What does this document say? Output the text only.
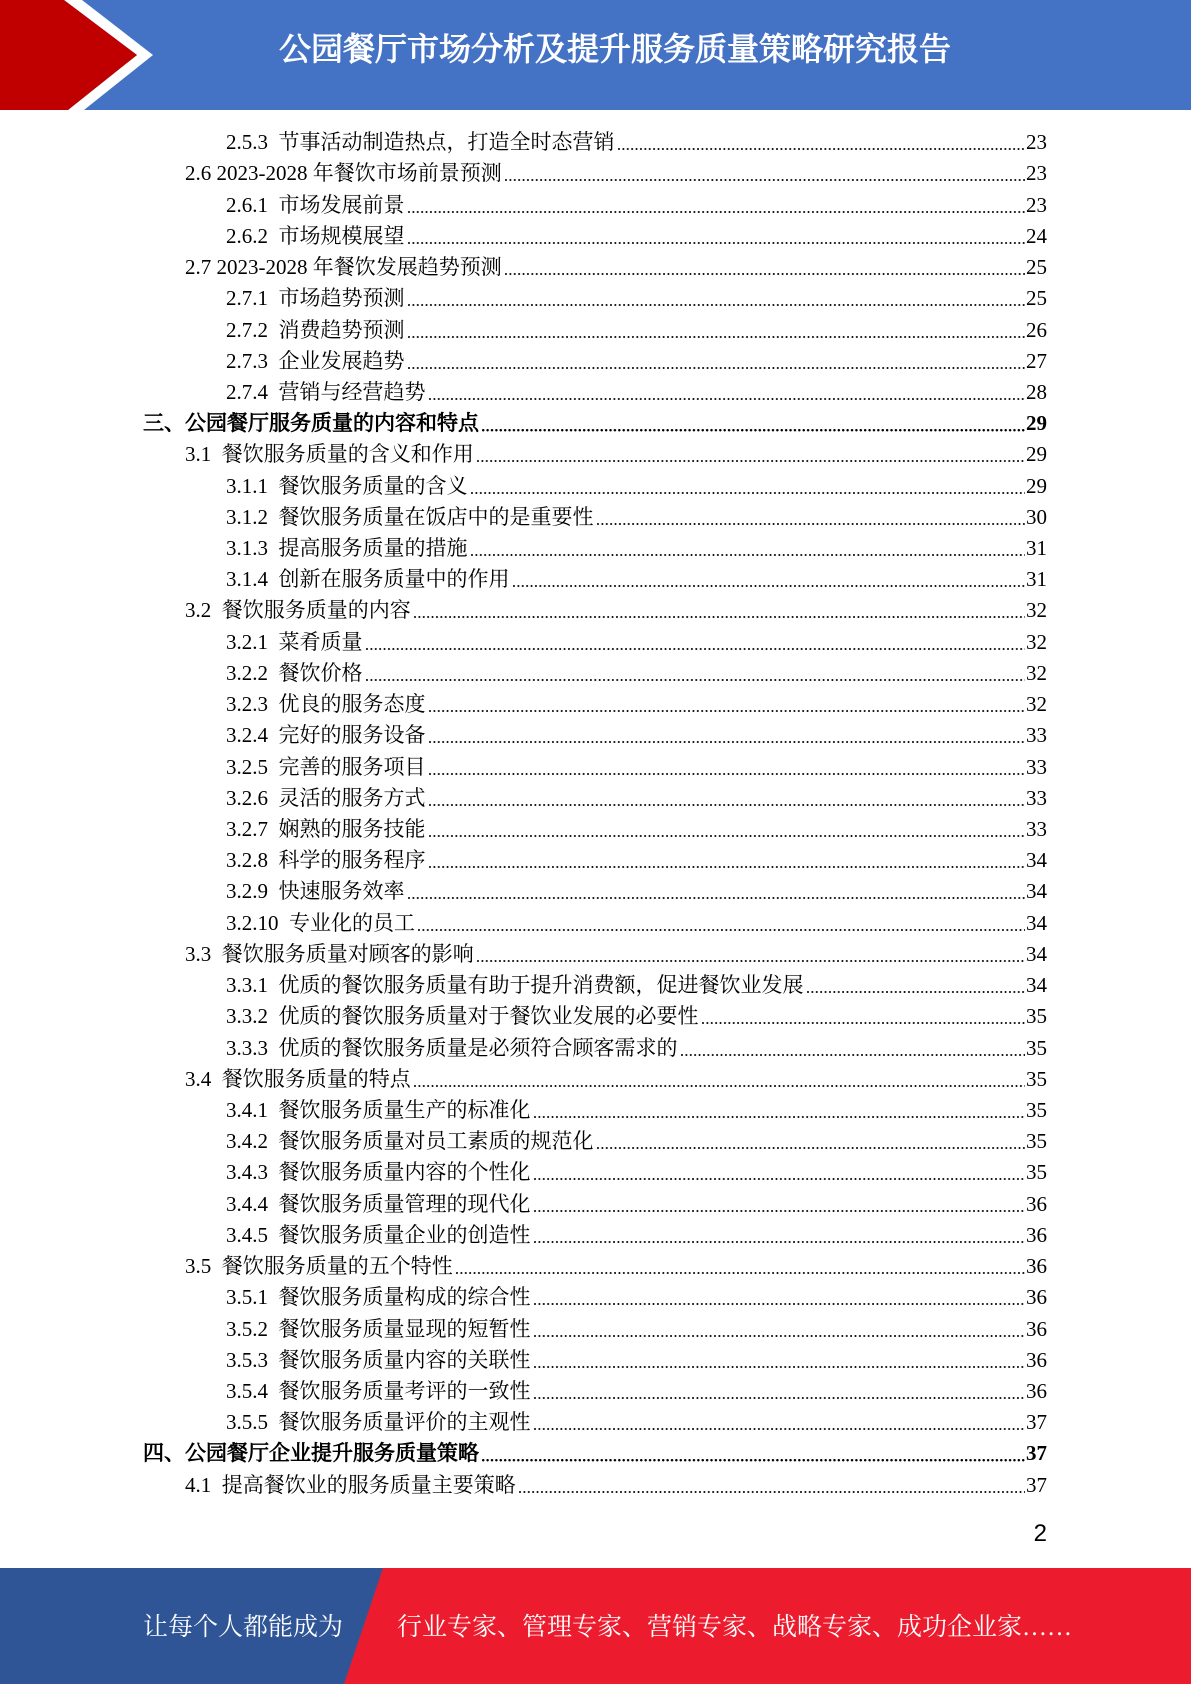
公园餐厅市场分析及提升服务质量策略研究报告
2.5.3  节事活动制造热点，打造全时态营销	23
2.6 2023-2028 年餐饮市场前景预测	23
2.6.1  市场发展前景	23
2.6.2  市场规模展望	24
2.7 2023-2028 年餐饮发展趋势预测	25
2.7.1  市场趋势预测	25
2.7.2  消费趋势预测	26
2.7.3  企业发展趋势	27
2.7.4  营销与经营趋势	28
三、公园餐厅服务质量的内容和特点	29
3.1  餐饮服务质量的含义和作用	29
3.1.1  餐饮服务质量的含义	29
3.1.2  餐饮服务质量在饭店中的是重要性	30
3.1.3  提高服务质量的措施	31
3.1.4  创新在服务质量中的作用	31
3.2  餐饮服务质量的内容	32
3.2.1  菜肴质量	32
3.2.2  餐饮价格	32
3.2.3  优良的服务态度	32
3.2.4  完好的服务设备	33
3.2.5  完善的服务项目	33
3.2.6  灵活的服务方式	33
3.2.7  娴熟的服务技能	33
3.2.8  科学的服务程序	34
3.2.9  快速服务效率	34
3.2.10  专业化的员工	34
3.3  餐饮服务质量对顾客的影响	34
3.3.1  优质的餐饮服务质量有助于提升消费额，促进餐饮业发展	34
3.3.2  优质的餐饮服务质量对于餐饮业发展的必要性	35
3.3.3  优质的餐饮服务质量是必须符合顾客需求的	35
3.4  餐饮服务质量的特点	35
3.4.1  餐饮服务质量生产的标准化	35
3.4.2  餐饮服务质量对员工素质的规范化	35
3.4.3  餐饮服务质量内容的个性化	35
3.4.4  餐饮服务质量管理的现代化	36
3.4.5  餐饮服务质量企业的创造性	36
3.5  餐饮服务质量的五个特性	36
3.5.1  餐饮服务质量构成的综合性	36
3.5.2  餐饮服务质量显现的短暂性	36
3.5.3  餐饮服务质量内容的关联性	36
3.5.4  餐饮服务质量考评的一致性	36
3.5.5  餐饮服务质量评价的主观性	37
四、公园餐厅企业提升服务质量策略	37
4.1  提高餐饮业的服务质量主要策略	37
2
让每个人都能成为 行业专家、管理专家、营销专家、战略专家、成功企业家……
